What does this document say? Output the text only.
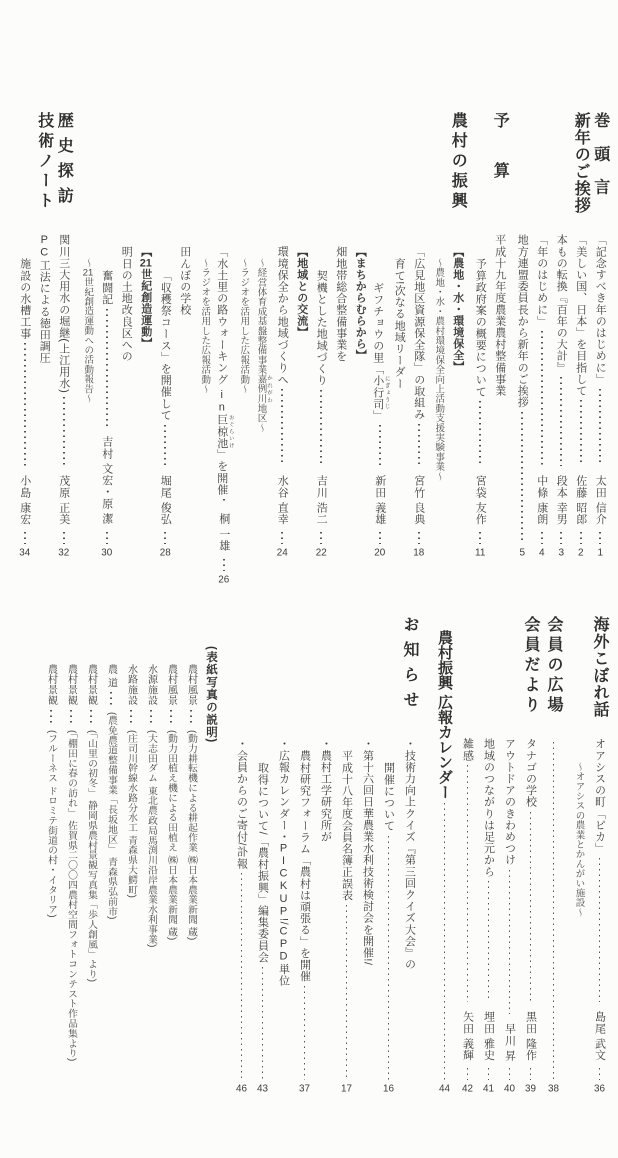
巻頭言
「記念すべき年のはじめに」
太田 信介
1
新年のご挨拶
「美しい国、日本」を目指して
佐藤 昭郎
2
本もの転換『百年の大計』
段本 幸男
3
「年のはじめに」
中條 康朗
4
地方連盟委員長から新年のご挨拶
5
予算
平成十九年度農業農村整備事業
予算政府案の概要について
宮袋 友作
11
農村の振興
【農地・水・環境保全】
〜農地・水・農村環境保全向上活動支援実験事業〜
「広見地区資源保全隊」の取組み
宮竹 良典
18
育て!次なる地域リーダー
ギフチョウの里「小行司 にぎょうじ」
新田 義雄
20
【まちからむらから】
畑地帯総合整備事業を
契機とした地域づくり
吉川 浩二
22
【地域との交流】
環境保全から地域づくりへ
水谷 直幸
24
〜経営体育成基盤整備事業嘉例川 かれがわ地区〜
〜ラジオを活用した広報活動〜
「水土里の路ウォーキング in巨椋池 おぐらいけ」を開催
桐 一雄
26
〜ラジオを活用した広報活動〜
田んぼの学校
「収穫祭コース」を開催して
堀尾 俊弘
28
【21世紀創造運動】
明日の土地改良区への
奮闘記
吉村 文宏・原 潔
30
〜21世紀創造運動への活動報告〜
歴史探訪
関川三大用水の堀継(上江用水)
茂原 正美
32
技術ノート
PC工法による徳田調圧
施設の水槽工事
小島 康宏
34
海外こぼれ話
オアシスの町「ピカ」
島尾 武文
36
〜オアシスの農業とかんがい施設〜
会員の広場
38
会員だより
タナゴの学校
黒田 隆作
39
アウトドアのきわめつけ
早川 昇
40
地域のつながりは足元から
埋田 雅史
41
雑感
矢田 義輝
42
農村振興 広報カレンダー
44
お知らせ
・技術力向上クイズ『第三回クイズ大会』の
開催について
16
・第十六回日華農業水利技術検討会を開催!/
平成十八年度会員名簿正誤表
17
・農村工学研究所が
農村研究フォーラム「農村は頑張る」を開催
37
・広報カレンダー・PICKUP!/CPD単位
取得について/「農村振興」編集委員会
43
・会員からのご寄付/訃報
46
(表紙写真の説明)
農村風景
(動力耕転機による耕起作業 ㈱日本農業新聞 蔵)
農村風景
(動力田植え機による田植え ㈱日本農業新聞 蔵)
水源施設
(大志田ダム 東北農政局馬渕川沿岸農業水利事業)
水路施設
(庄司川幹線水路分水工 青森県大鰐町)
農 道
(農免農道整備事業「長坂地区」 青森県弘前市)
農村景観
(「山里の初冬」 静岡県農村景観写真集「歩人創風」より)
農村景観
(「棚田に春の訪れ」 佐賀県二〇〇四農村空間フォトコンテスト作品集より)
農村景観
(フルーネス ドロミテ街道の村・イタリア)
